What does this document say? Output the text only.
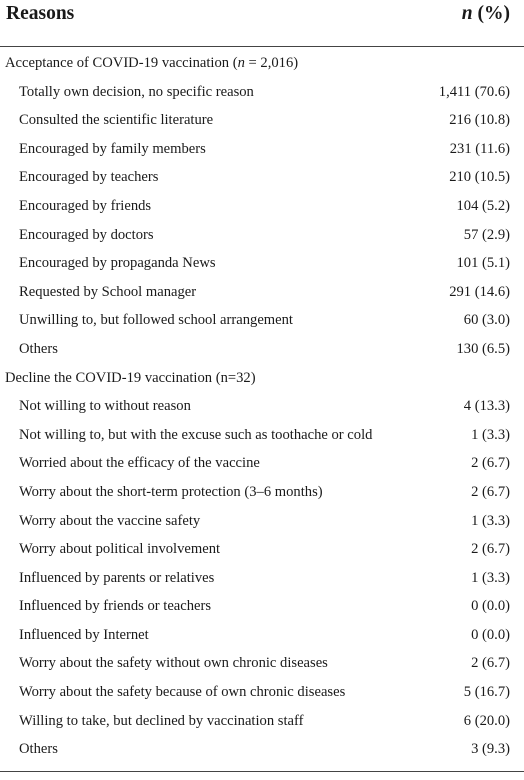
Reasons	n (%)
Acceptance of COVID-19 vaccination (n = 2,016)
Totally own decision, no specific reason	1,411 (70.6)
Consulted the scientific literature	216 (10.8)
Encouraged by family members	231 (11.6)
Encouraged by teachers	210 (10.5)
Encouraged by friends	104 (5.2)
Encouraged by doctors	57 (2.9)
Encouraged by propaganda News	101 (5.1)
Requested by School manager	291 (14.6)
Unwilling to, but followed school arrangement	60 (3.0)
Others	130 (6.5)
Decline the COVID-19 vaccination (n=32)
Not willing to without reason	4 (13.3)
Not willing to, but with the excuse such as toothache or cold	1 (3.3)
Worried about the efficacy of the vaccine	2 (6.7)
Worry about the short-term protection (3–6 months)	2 (6.7)
Worry about the vaccine safety	1 (3.3)
Worry about political involvement	2 (6.7)
Influenced by parents or relatives	1 (3.3)
Influenced by friends or teachers	0 (0.0)
Influenced by Internet	0 (0.0)
Worry about the safety without own chronic diseases	2 (6.7)
Worry about the safety because of own chronic diseases	5 (16.7)
Willing to take, but declined by vaccination staff	6 (20.0)
Others	3 (9.3)
